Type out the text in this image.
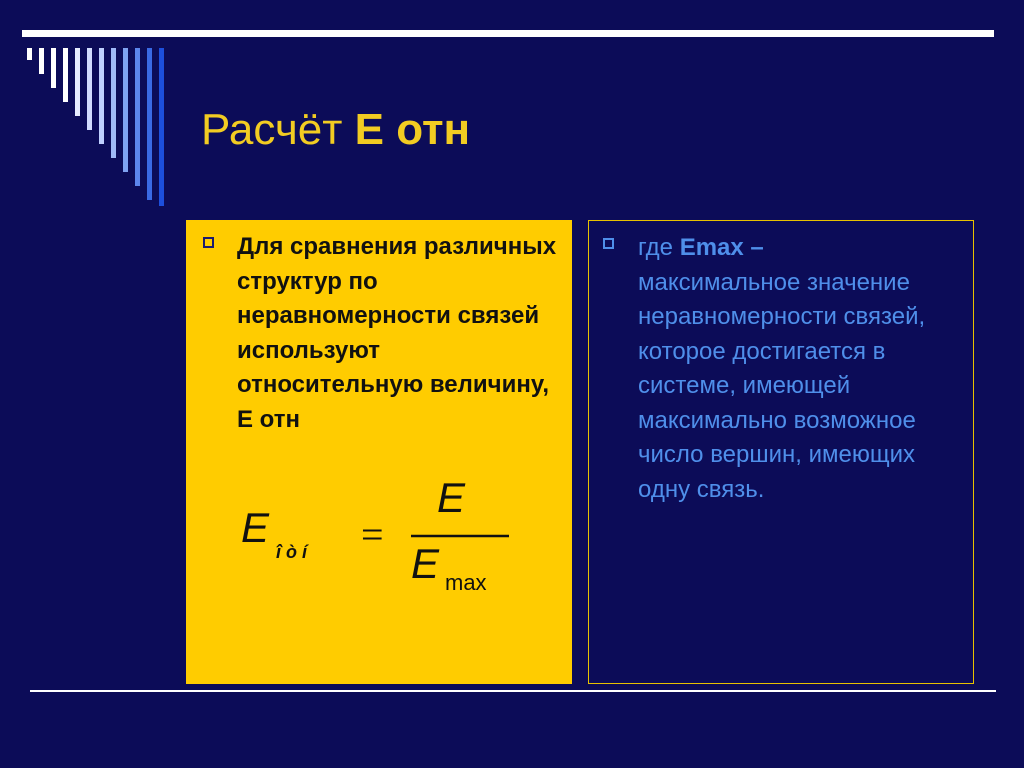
Расчёт Е отн
Для сравнения различных структур по неравномерности связей используют относительную величину, Е отн
E
î ò í =
E
E max
где Emax –
максимальное значение неравномерности связей, которое достигается в системе, имеющей максимально возможное число вершин, имеющих одну связь.
